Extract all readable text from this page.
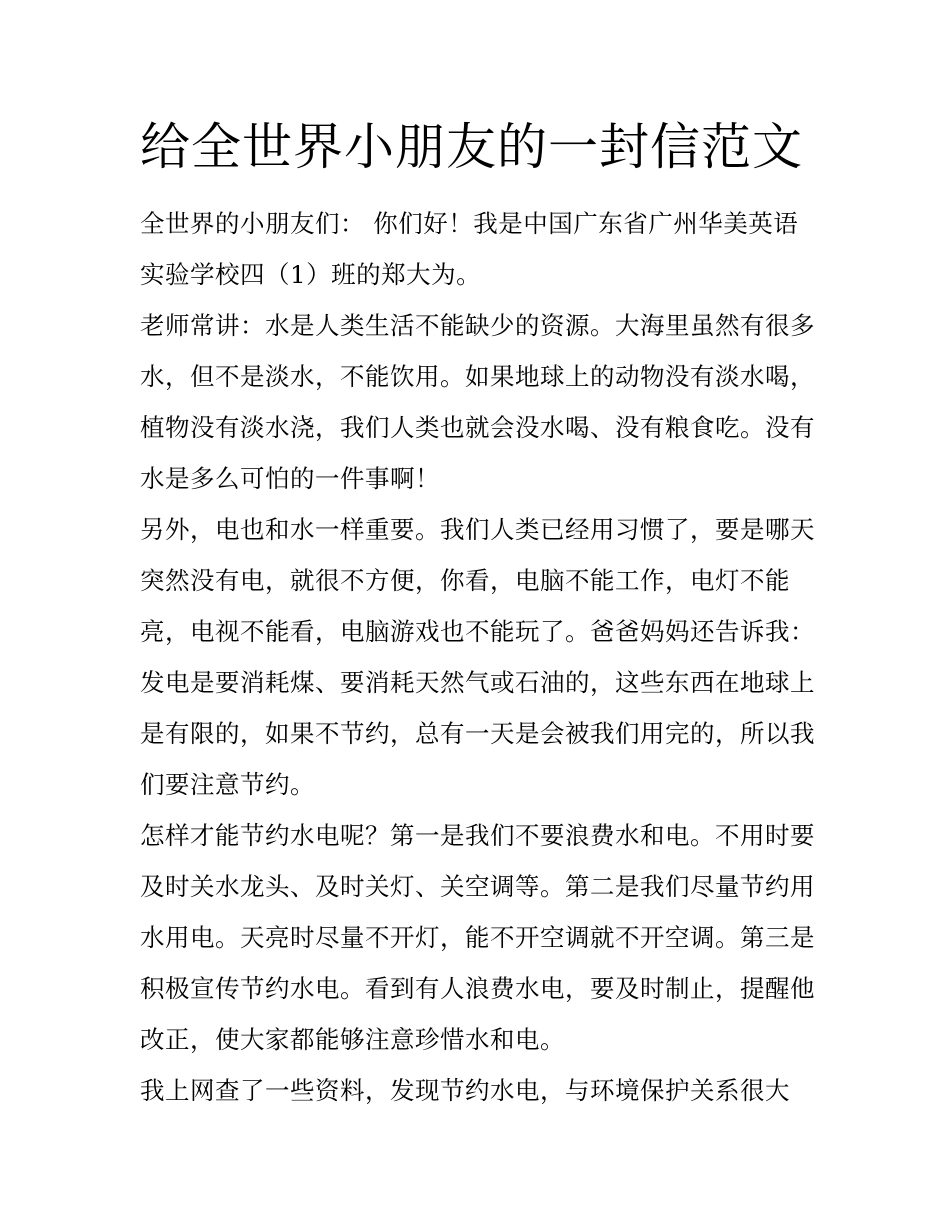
给全世界小朋友的一封信范文

全世界的小朋友们： 你们好！我是中国广东省广州华美英语
实验学校四（1）班的郑大为。

老师常讲：水是人类生活不能缺少的资源。大海里虽然有很多
水，但不是淡水，不能饮用。如果地球上的动物没有淡水喝，
植物没有淡水浇，我们人类也就会没水喝、没有粮食吃。没有
水是多么可怕的一件事啊！

另外，电也和水一样重要。我们人类已经用习惯了，要是哪天
突然没有电，就很不方便，你看，电脑不能工作，电灯不能
亮，电视不能看，电脑游戏也不能玩了。爸爸妈妈还告诉我：
发电是要消耗煤、要消耗天然气或石油的，这些东西在地球上
是有限的，如果不节约，总有一天是会被我们用完的，所以我
们要注意节约。

怎样才能节约水电呢？第一是我们不要浪费水和电。不用时要
及时关水龙头、及时关灯、关空调等。第二是我们尽量节约用
水用电。天亮时尽量不开灯，能不开空调就不开空调。第三是
积极宣传节约水电。看到有人浪费水电，要及时制止，提醒他
改正，使大家都能够注意珍惜水和电。

我上网查了一些资料，发现节约水电，与环境保护关系很大
